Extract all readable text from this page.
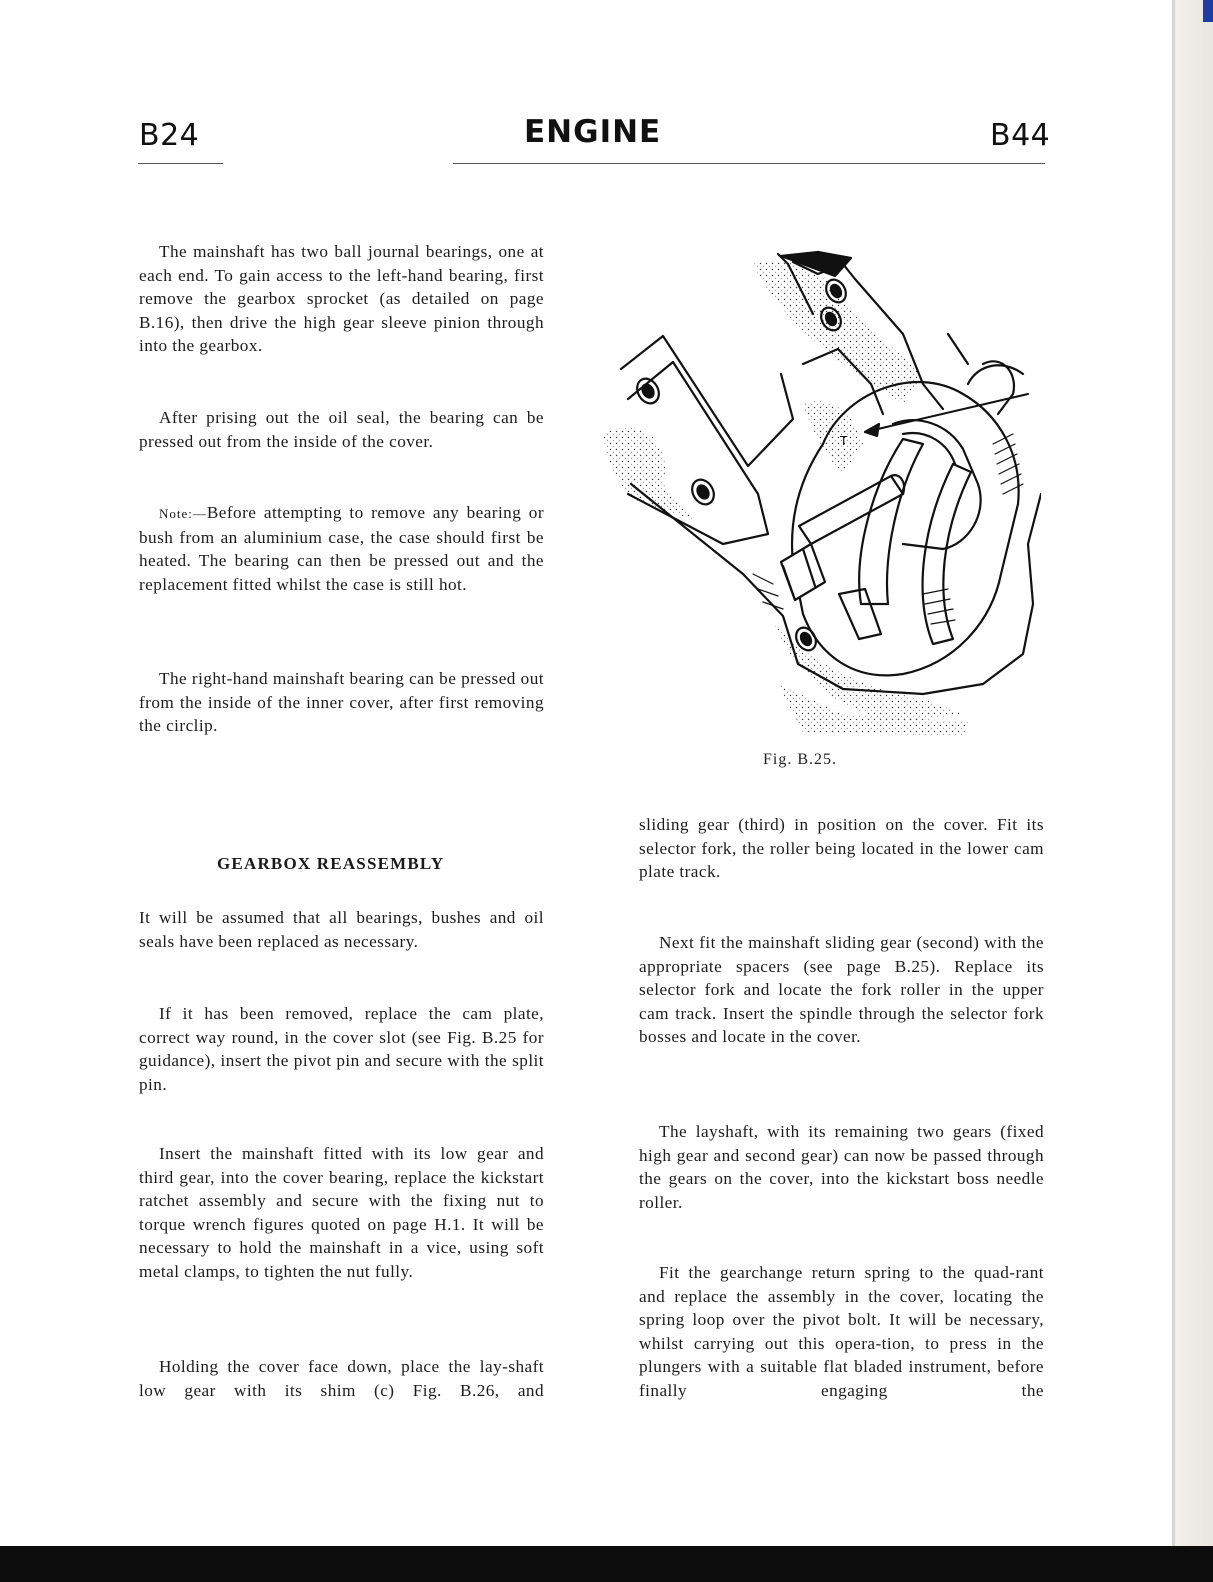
B24	ENGINE	B44

The mainshaft has two ball journal bearings, one at each end. To gain access to the left-hand bearing, first remove the gearbox sprocket (as detailed on page B.16), then drive the high gear sleeve pinion through into the gearbox.

After prising out the oil seal, the bearing can be pressed out from the inside of the cover.

Note:—Before attempting to remove any bearing or bush from an aluminium case, the case should first be heated. The bearing can then be pressed out and the replacement fitted whilst the case is still hot.

The right-hand mainshaft bearing can be pressed out from the inside of the inner cover, after first removing the circlip.

GEARBOX REASSEMBLY

It will be assumed that all bearings, bushes and oil seals have been replaced as necessary.

If it has been removed, replace the cam plate, correct way round, in the cover slot (see Fig. B.25 for guidance), insert the pivot pin and secure with the split pin.

Insert the mainshaft fitted with its low gear and third gear, into the cover bearing, replace the kickstart ratchet assembly and secure with the fixing nut to torque wrench figures quoted on page H.1. It will be necessary to hold the mainshaft in a vice, using soft metal clamps, to tighten the nut fully.

Holding the cover face down, place the lay-shaft low gear with its shim (c) Fig. B.26, and

T
Fig. B.25.

sliding gear (third) in position on the cover. Fit its selector fork, the roller being located in the lower cam plate track.

Next fit the mainshaft sliding gear (second) with the appropriate spacers (see page B.25). Replace its selector fork and locate the fork roller in the upper cam track. Insert the spindle through the selector fork bosses and locate in the cover.

The layshaft, with its remaining two gears (fixed high gear and second gear) can now be passed through the gears on the cover, into the kickstart boss needle roller.

Fit the gearchange return spring to the quad-rant and replace the assembly in the cover, locating the spring loop over the pivot bolt. It will be necessary, whilst carrying out this opera-tion, to press in the plungers with a suitable flat bladed instrument, before finally engaging the
